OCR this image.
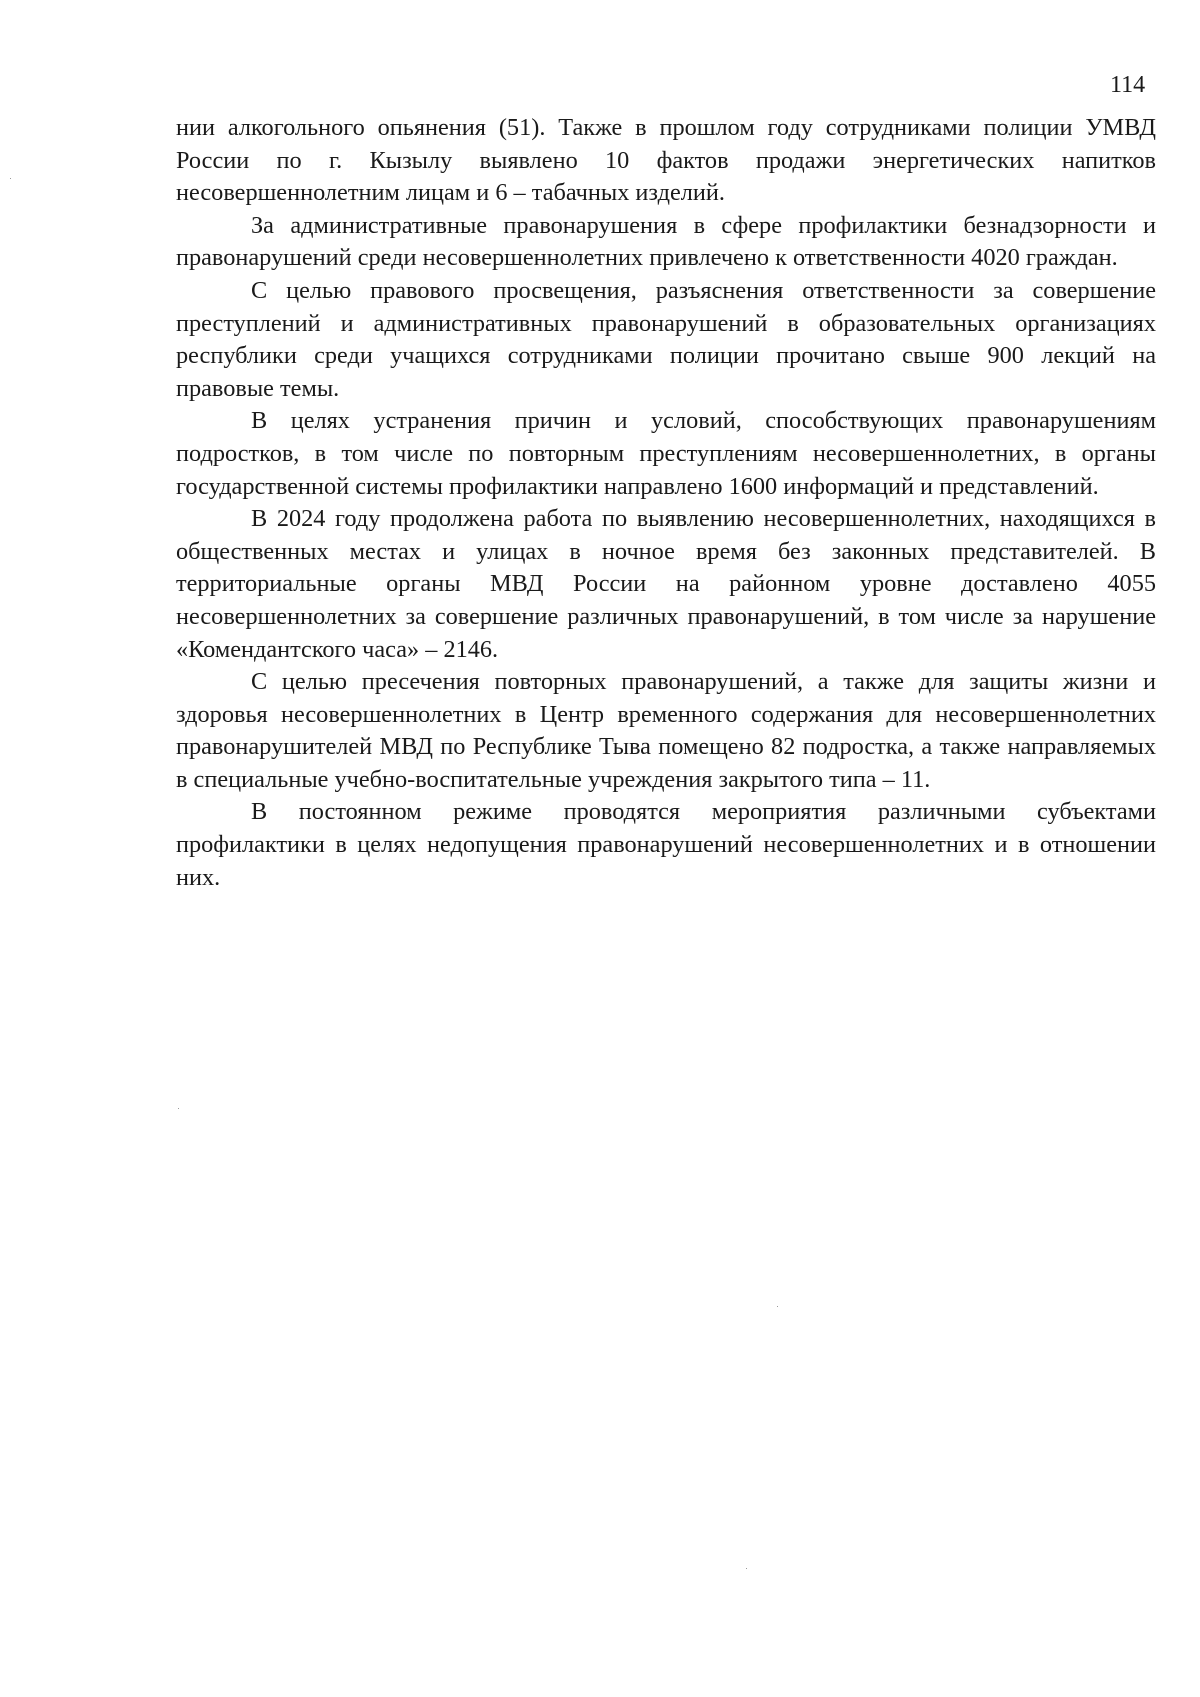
114

нии алкогольного опьянения (51). Также в прошлом году сотрудниками полиции УМВД России по г. Кызылу выявлено 10 фактов продажи энергетических напитков несовершеннолетним лицам и 6 – табачных изделий.

За административные правонарушения в сфере профилактики безнадзорности и правонарушений среди несовершеннолетних привлечено к ответственности 4020 граждан.

С целью правового просвещения, разъяснения ответственности за совершение преступлений и административных правонарушений в образовательных организациях республики среди учащихся сотрудниками полиции прочитано свыше 900 лекций на правовые темы.

В целях устранения причин и условий, способствующих правонарушениям подростков, в том числе по повторным преступлениям несовершеннолетних, в органы государственной системы профилактики направлено 1600 информаций и представлений.

В 2024 году продолжена работа по выявлению несовершеннолетних, находящихся в общественных местах и улицах в ночное время без законных представителей. В территориальные органы МВД России на районном уровне доставлено 4055 несовершеннолетних за совершение различных правонарушений, в том числе за нарушение «Комендантского часа» – 2146.

С целью пресечения повторных правонарушений, а также для защиты жизни и здоровья несовершеннолетних в Центр временного содержания для несовершеннолетних правонарушителей МВД по Республике Тыва помещено 82 подростка, а также направляемых в специальные учебно-воспитательные учреждения закрытого типа – 11.

В постоянном режиме проводятся мероприятия различными субъектами профилактики в целях недопущения правонарушений несовершеннолетних и в отношении них.
